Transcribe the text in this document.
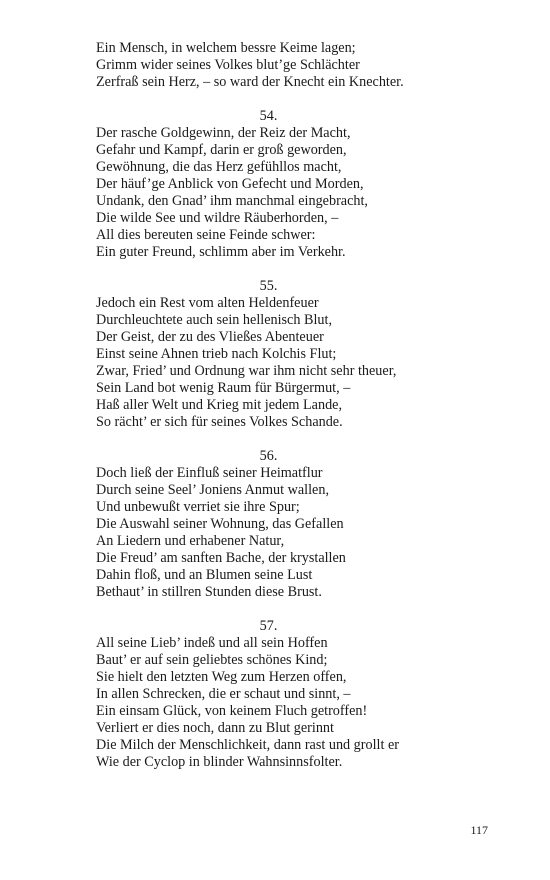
Ein Mensch, in welchem bessre Keime lagen;
Grimm wider seines Volkes blut’ge Schlächter
Zerfraß sein Herz, – so ward der Knecht ein Knechter.
54.
Der rasche Goldgewinn, der Reiz der Macht,
Gefahr und Kampf, darin er groß geworden,
Gewöhnung, die das Herz gefühllos macht,
Der häuf’ge Anblick von Gefecht und Morden,
Undank, den Gnad’ ihm manchmal eingebracht,
Die wilde See und wildre Räuberhorden, –
All dies bereuten seine Feinde schwer:
Ein guter Freund, schlimm aber im Verkehr.
55.
Jedoch ein Rest vom alten Heldenfeuer
Durchleuchtete auch sein hellenisch Blut,
Der Geist, der zu des Vließes Abenteuer
Einst seine Ahnen trieb nach Kolchis Flut;
Zwar, Fried’ und Ordnung war ihm nicht sehr theuer,
Sein Land bot wenig Raum für Bürgermut, –
Haß aller Welt und Krieg mit jedem Lande,
So rächt’ er sich für seines Volkes Schande.
56.
Doch ließ der Einfluß seiner Heimatflur
Durch seine Seel’ Joniens Anmut wallen,
Und unbewußt verriet sie ihre Spur;
Die Auswahl seiner Wohnung, das Gefallen
An Liedern und erhabener Natur,
Die Freud’ am sanften Bache, der krystallen
Dahin floß, und an Blumen seine Lust
Bethaut’ in stillren Stunden diese Brust.
57.
All seine Lieb’ indeß und all sein Hoffen
Baut’ er auf sein geliebtes schönes Kind;
Sie hielt den letzten Weg zum Herzen offen,
In allen Schrecken, die er schaut und sinnt, –
Ein einsam Glück, von keinem Fluch getroffen!
Verliert er dies noch, dann zu Blut gerinnt
Die Milch der Menschlichkeit, dann rast und grollt er
Wie der Cyclop in blinder Wahnsinnsfolter.
117
